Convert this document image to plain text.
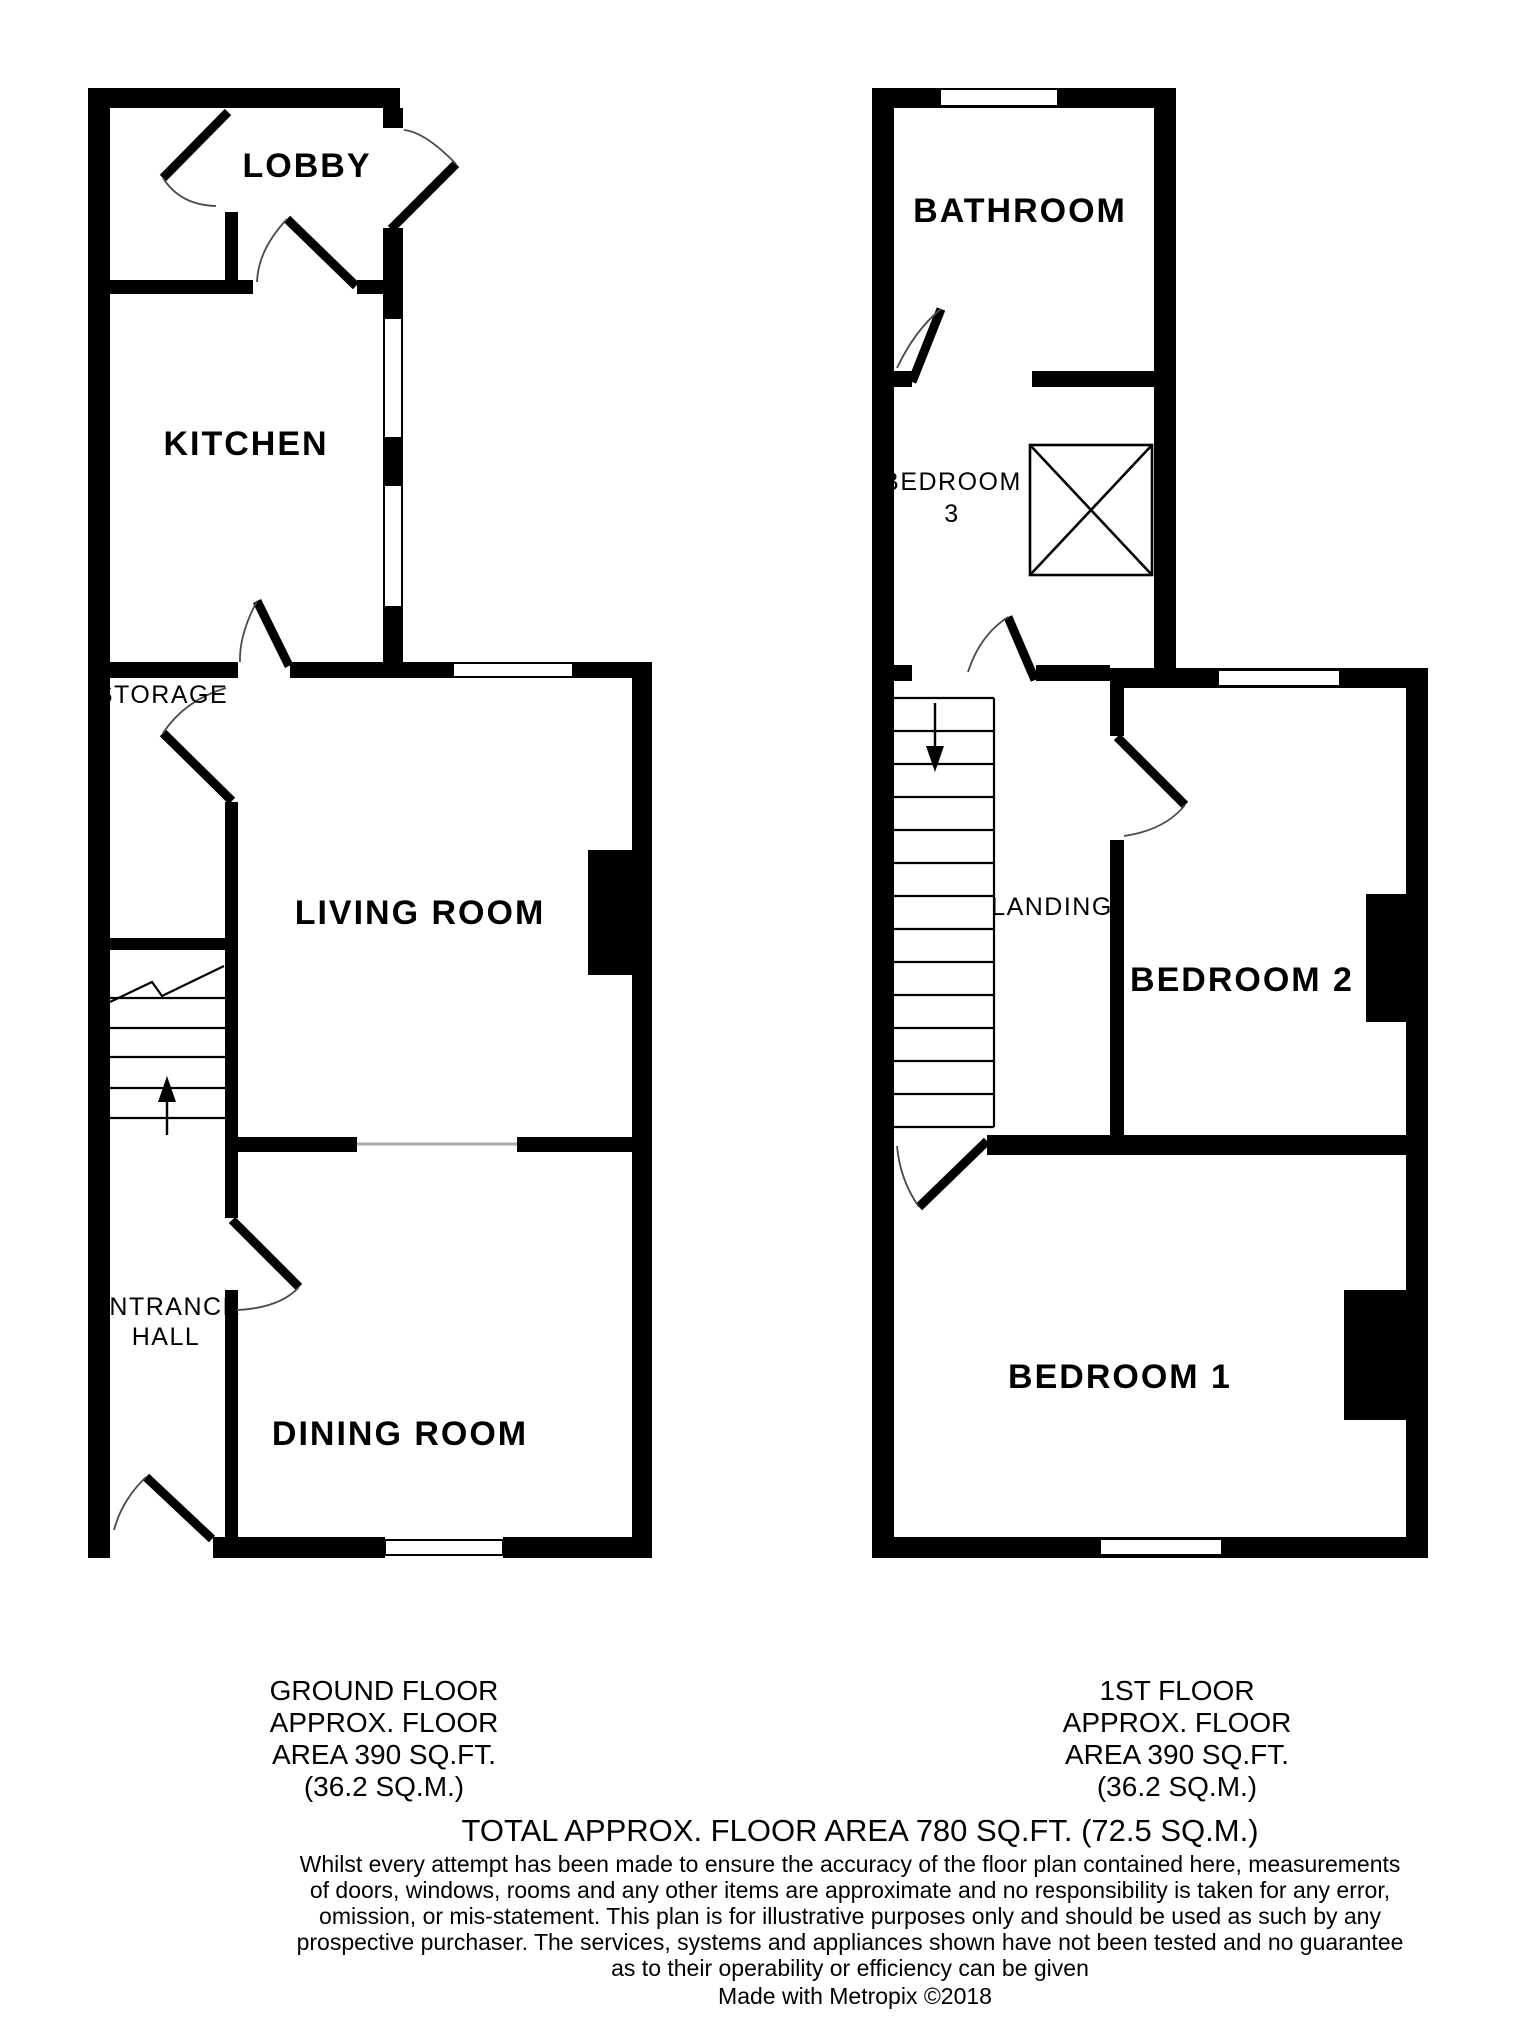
LOBBY
KITCHEN
STORAGE
LIVING ROOM
ENTRANCE
HALL
DINING ROOM
BATHROOM
BEDROOM
3
LANDING
BEDROOM 2
BEDROOM 1
GROUND FLOOR
APPROX. FLOOR
AREA 390 SQ.FT.
(36.2 SQ.M.)
1ST FLOOR
APPROX. FLOOR
AREA 390 SQ.FT.
(36.2 SQ.M.)
TOTAL APPROX. FLOOR AREA 780 SQ.FT. (72.5 SQ.M.)
Whilst every attempt has been made to ensure the accuracy of the floor plan contained here, measurements
of doors, windows, rooms and any other items are approximate and no responsibility is taken for any error,
omission, or mis-statement. This plan is for illustrative purposes only and should be used as such by any
prospective purchaser. The services, systems and appliances shown have not been tested and no guarantee
as to their operability or efficiency can be given
Made with Metropix ©2018
